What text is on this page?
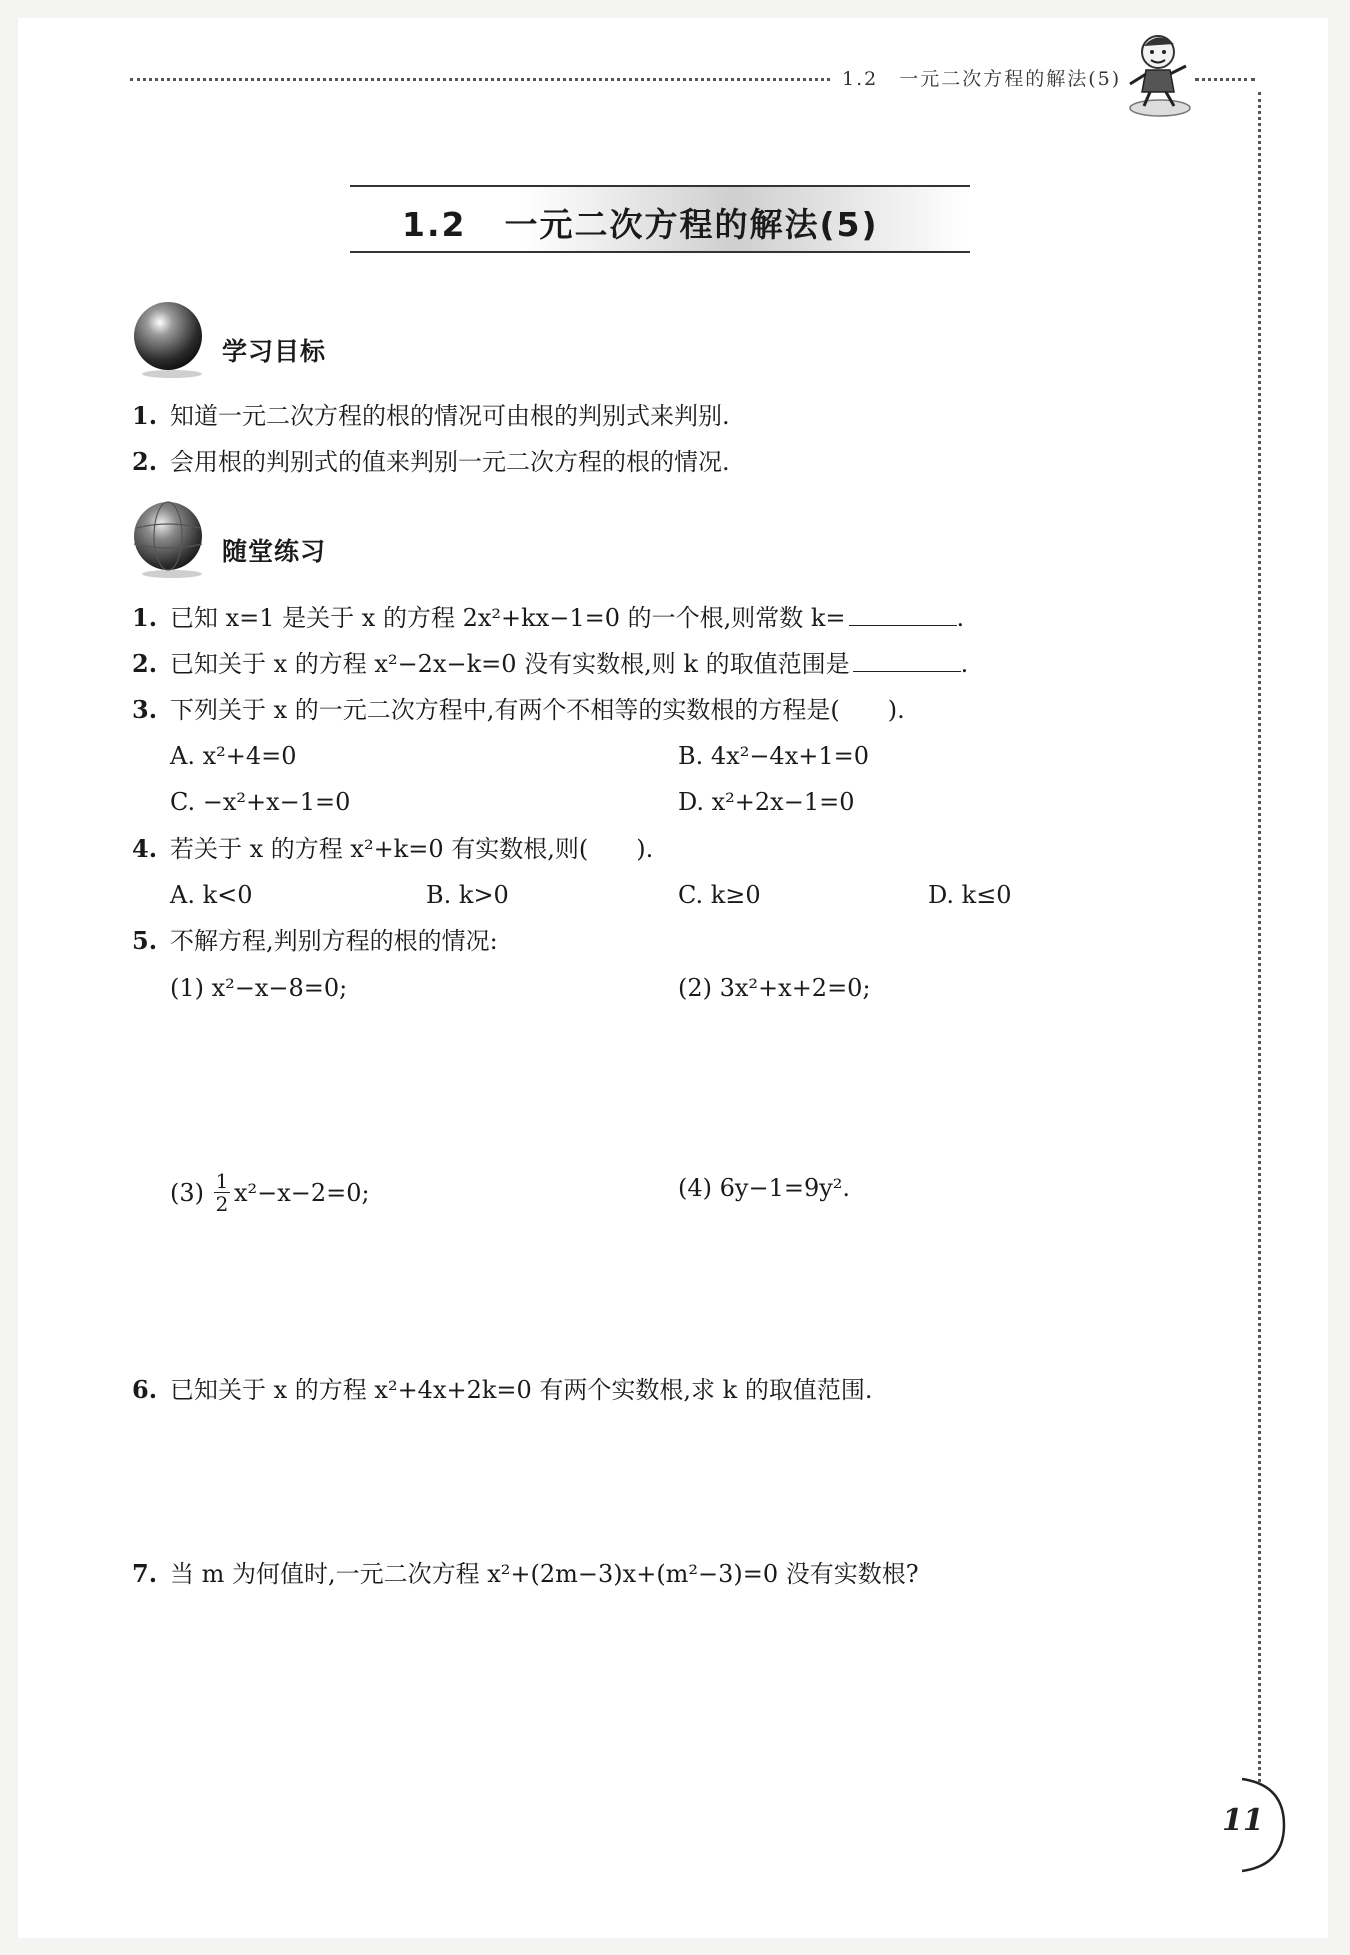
1.2　一元二次方程的解法(5)
1.2 一元二次方程的解法(5)
学习目标
1. 知道一元二次方程的根的情况可由根的判别式来判别.
2. 会用根的判别式的值来判别一元二次方程的根的情况.
随堂练习
1. 已知 x=1 是关于 x 的方程 2x²+kx−1=0 的一个根,则常数 k=	.
2. 已知关于 x 的方程 x²−2x−k=0 没有实数根,则 k 的取值范围是	.
3. 下列关于 x 的一元二次方程中,有两个不相等的实数根的方程是(　　).
A. x²+4=0	B. 4x²−4x+1=0
C. −x²+x−1=0	D. x²+2x−1=0
4. 若关于 x 的方程 x²+k=0 有实数根,则(　　).
A. k<0	B. k>0	C. k≥0	D. k≤0
5. 不解方程,判别方程的根的情况:
(1) x²−x−8=0;	(2) 3x²+x+2=0;
(3) 1
2 x²−x−2=0;	(4) 6y−1=9y².
6. 已知关于 x 的方程 x²+4x+2k=0 有两个实数根,求 k 的取值范围.
7. 当 m 为何值时,一元二次方程 x²+(2m−3)x+(m²−3)=0 没有实数根?
11
